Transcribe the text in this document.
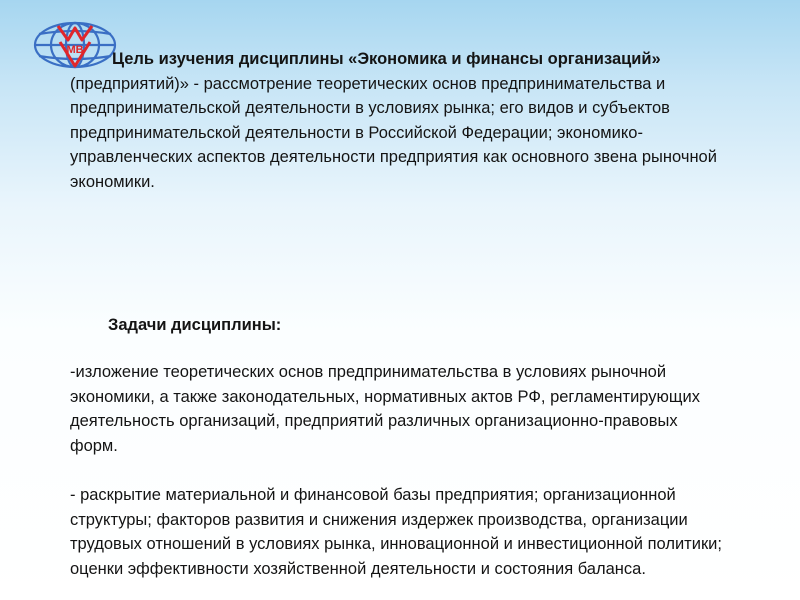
MB	Цель изучения дисциплины «Экономика и финансы организаций»
(предприятий)» - рассмотрение теоретических основ предпринимательства и предпринимательской деятельности в условиях рынка; его видов и субъектов предпринимательской деятельности в Российской Федерации; экономико-управленческих аспектов деятельности предприятия как основного звена рыночной экономики.

Задачи дисциплины:

-изложение теоретических основ предпринимательства в условиях рыночной экономики, а также законодательных, нормативных актов РФ, регламентирующих деятельность организаций, предприятий различных организационно-правовых форм.

- раскрытие материальной и финансовой базы предприятия; организационной структуры; факторов развития и снижения издержек производства, организации трудовых отношений в условиях рынка, инновационной и инвестиционной политики; оценки эффективности хозяйственной деятельности и состояния баланса.
